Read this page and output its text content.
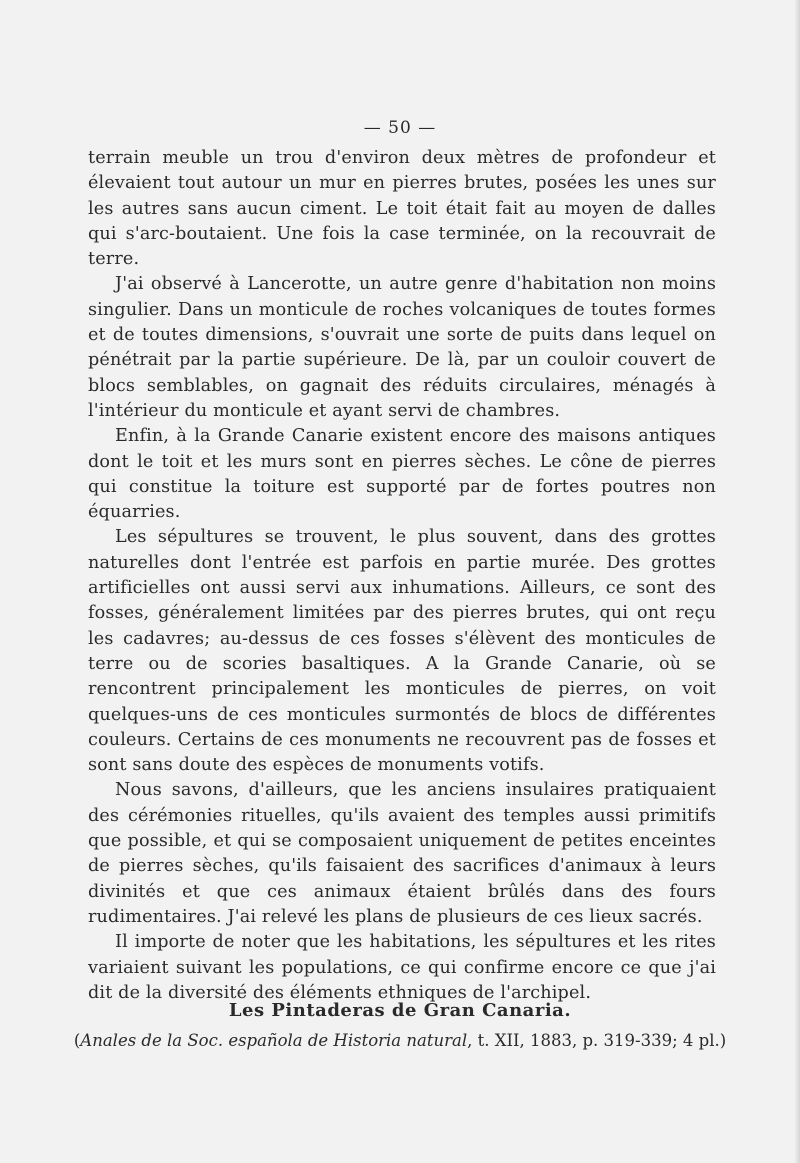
— 50 —

terrain meuble un trou d'environ deux mètres de profondeur et élevaient tout autour un mur en pierres brutes, posées les unes sur les autres sans aucun ciment. Le toit était fait au moyen de dalles qui s'arc-boutaient. Une fois la case terminée, on la recouvrait de terre.

J'ai observé à Lancerotte, un autre genre d'habitation non moins singulier. Dans un monticule de roches volcaniques de toutes formes et de toutes dimensions, s'ouvrait une sorte de puits dans lequel on pénétrait par la partie supérieure. De là, par un couloir couvert de blocs semblables, on gagnait des réduits circulaires, ménagés à l'intérieur du monticule et ayant servi de chambres.

Enfin, à la Grande Canarie existent encore des maisons antiques dont le toit et les murs sont en pierres sèches. Le cône de pierres qui constitue la toiture est supporté par de fortes poutres non équarries.

Les sépultures se trouvent, le plus souvent, dans des grottes naturelles dont l'entrée est parfois en partie murée. Des grottes artificielles ont aussi servi aux inhumations. Ailleurs, ce sont des fosses, généralement limitées par des pierres brutes, qui ont reçu les cadavres; au-dessus de ces fosses s'élèvent des monticules de terre ou de scories basaltiques. A la Grande Canarie, où se rencontrent principalement les monticules de pierres, on voit quelques-uns de ces monticules surmontés de blocs de différentes couleurs. Certains de ces monuments ne recouvrent pas de fosses et sont sans doute des espèces de monuments votifs.

Nous savons, d'ailleurs, que les anciens insulaires pratiquaient des cérémonies rituelles, qu'ils avaient des temples aussi primitifs que possible, et qui se composaient uniquement de petites enceintes de pierres sèches, qu'ils faisaient des sacrifices d'animaux à leurs divinités et que ces animaux étaient brûlés dans des fours rudimentaires. J'ai relevé les plans de plusieurs de ces lieux sacrés.

Il importe de noter que les habitations, les sépultures et les rites variaient suivant les populations, ce qui confirme encore ce que j'ai dit de la diversité des éléments ethniques de l'archipel.

Les Pintaderas de Gran Canaria.
(Anales de la Soc. española de Historia natural, t. XII, 1883, p. 319-339; 4 pl.)
